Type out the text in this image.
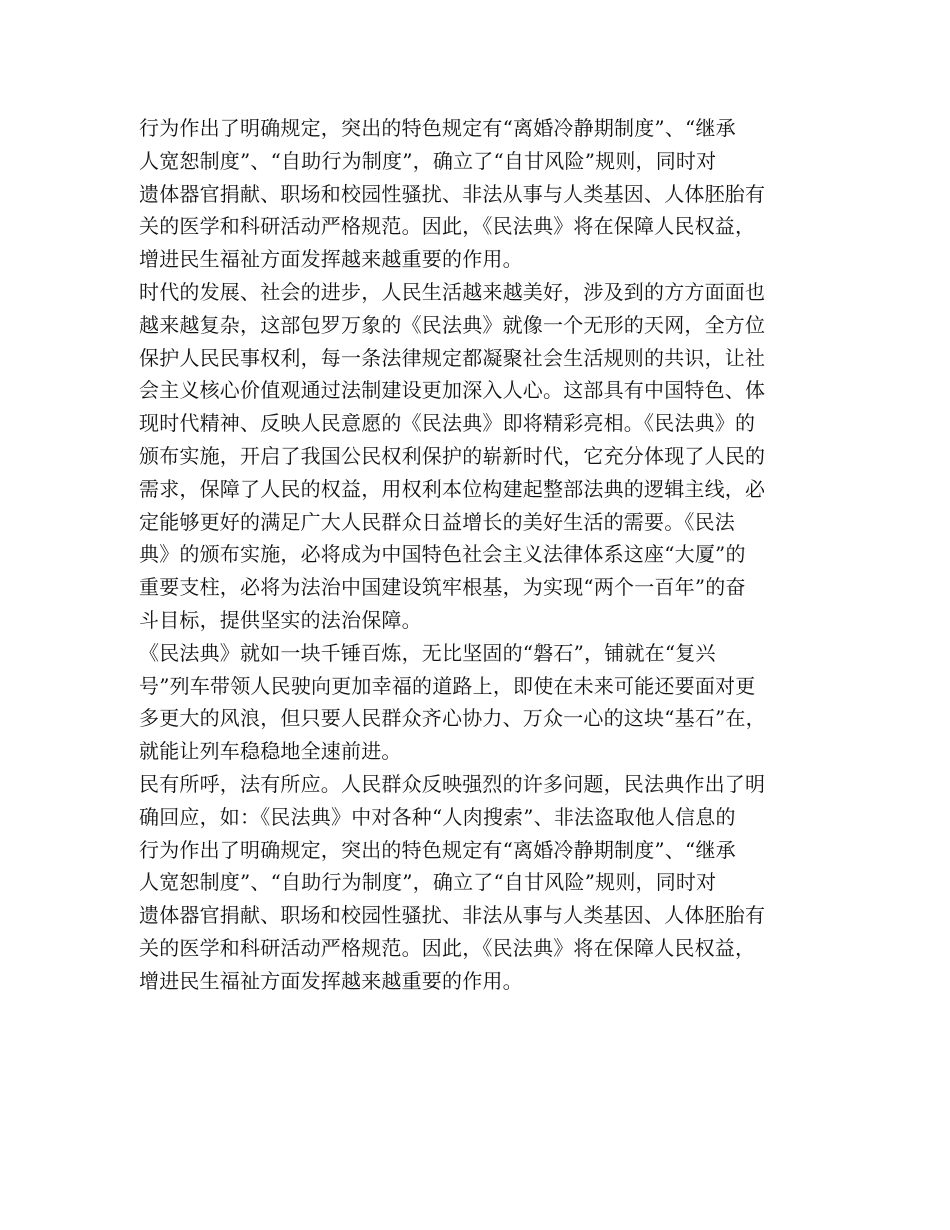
行为作出了明确规定，突出的特色规定有“离婚冷静期制度”、“继承
人宽恕制度”、“自助行为制度”，确立了“自甘风险”规则，同时对
遗体器官捐献、职场和校园性骚扰、非法从事与人类基因、人体胚胎有
关的医学和科研活动严格规范。因此，《民法典》将在保障人民权益，
增进民生福祉方面发挥越来越重要的作用。
时代的发展、社会的进步，人民生活越来越美好，涉及到的方方面面也
越来越复杂，这部包罗万象的《民法典》就像一个无形的天网，全方位
保护人民民事权利，每一条法律规定都凝聚社会生活规则的共识，让社
会主义核心价值观通过法制建设更加深入人心。这部具有中国特色、体
现时代精神、反映人民意愿的《民法典》即将精彩亮相。《民法典》的
颁布实施，开启了我国公民权利保护的崭新时代，它充分体现了人民的
需求，保障了人民的权益，用权利本位构建起整部法典的逻辑主线，必
定能够更好的满足广大人民群众日益增长的美好生活的需要。《民法
典》的颁布实施，必将成为中国特色社会主义法律体系这座“大厦”的
重要支柱，必将为法治中国建设筑牢根基，为实现“两个一百年”的奋
斗目标，提供坚实的法治保障。
《民法典》就如一块千锤百炼，无比坚固的“磐石”，铺就在“复兴
号”列车带领人民驶向更加幸福的道路上，即使在未来可能还要面对更
多更大的风浪，但只要人民群众齐心协力、万众一心的这块“基石”在，
就能让列车稳稳地全速前进。
民有所呼，法有所应。人民群众反映强烈的许多问题，民法典作出了明
确回应，如：《民法典》中对各种“人肉搜索”、非法盗取他人信息的
行为作出了明确规定，突出的特色规定有“离婚冷静期制度”、“继承
人宽恕制度”、“自助行为制度”，确立了“自甘风险”规则，同时对
遗体器官捐献、职场和校园性骚扰、非法从事与人类基因、人体胚胎有
关的医学和科研活动严格规范。因此，《民法典》将在保障人民权益，
增进民生福祉方面发挥越来越重要的作用。
